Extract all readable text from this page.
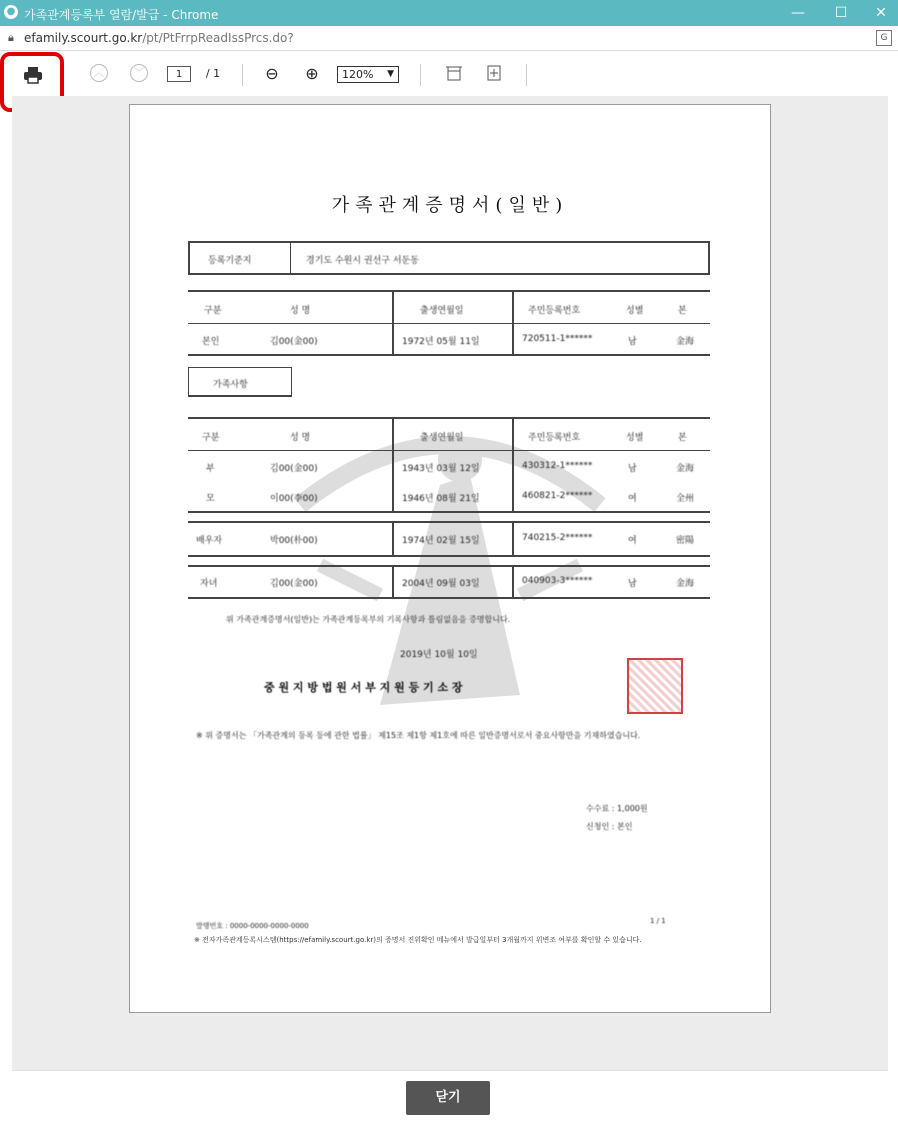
● 가족관계등록부 열람/발급 - Chrome	—	☐	✕
🔒︎ efamily.scourt.go.kr/pt/PtFrrpReadIssPrcs.do?	G
︿	﹀	1	/ 1	⊖ ⊕	120% ▼
가족관계증명서(일반)
등록기준지	경기도 수원시 권선구 서둔동
구분	성 명	출생연월일	주민등록번호	성별	본
본인	김00(金00)	1972년 05월 11일	720511-1******	남	金海
가족사항
구분	성 명	출생연월일	주민등록번호	성별	본
부	김00(金00)	1943년 03월 12일	430312-1******	남	金海
모	이00(李00)	1946년 08월 21일	460821-2******	여	全州
배우자	박00(朴00)	1974년 02월 15일	740215-2******	여	密陽
자녀	김00(金00)	2004년 09월 03일	040903-3******	남	金海
위 가족관계증명서(일반)는 가족관계등록부의 기록사항과 틀림없음을 증명합니다.
2019년 10월 10일
중 원 지 방 법 원 서 부 지 원 등 기 소 장
※ 위 증명서는 「가족관계의 등록 등에 관한 법률」 제15조 제1항 제1호에 따른 일반증명서로서 중요사항만을 기재하였습니다.
수수료 : 1,000원
신청인 : 본인
발행번호 : 0000-0000-0000-0000
1 / 1
※ 전자가족관계등록시스템(https://efamily.scourt.go.kr)의 증명서 진위확인 메뉴에서 발급일부터 3개월까지 위변조 여부를 확인할 수 있습니다.
닫기
